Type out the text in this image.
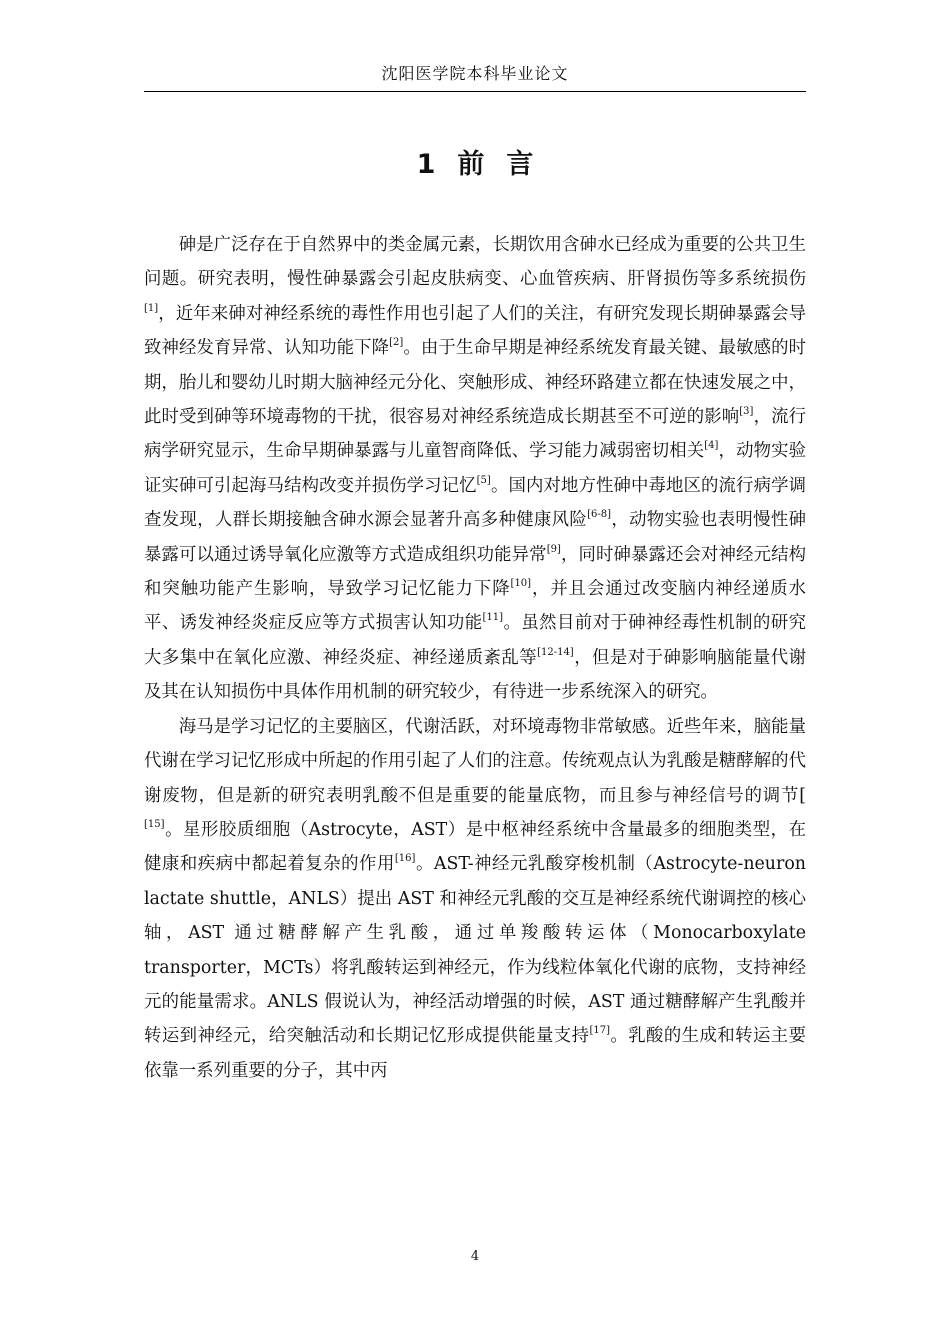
沈阳医学院本科毕业论文
1 前 言

砷是广泛存在于自然界中的类金属元素，长期饮用含砷水已经成为重要的公共卫生问题。研究表明，慢性砷暴露会引起皮肤病变、心血管疾病、肝肾损伤等多系统损伤[1]，近年来砷对神经系统的毒性作用也引起了人们的关注，有研究发现长期砷暴露会导致神经发育异常、认知功能下降[2]。由于生命早期是神经系统发育最关键、最敏感的时期，胎儿和婴幼儿时期大脑神经元分化、突触形成、神经环路建立都在快速发展之中，此时受到砷等环境毒物的干扰，很容易对神经系统造成长期甚至不可逆的影响[3]，流行病学研究显示，生命早期砷暴露与儿童智商降低、学习能力减弱密切相关[4]，动物实验证实砷可引起海马结构改变并损伤学习记忆[5]。国内对地方性砷中毒地区的流行病学调查发现，人群长期接触含砷水源会显著升高多种健康风险[6-8]，动物实验也表明慢性砷暴露可以通过诱导氧化应激等方式造成组织功能异常[9]，同时砷暴露还会对神经元结构和突触功能产生影响，导致学习记忆能力下降[10]，并且会通过改变脑内神经递质水平、诱发神经炎症反应等方式损害认知功能[11]。虽然目前对于砷神经毒性机制的研究大多集中在氧化应激、神经炎症、神经递质紊乱等[12-14]，但是对于砷影响脑能量代谢及其在认知损伤中具体作用机制的研究较少，有待进一步系统深入的研究。

海马是学习记忆的主要脑区，代谢活跃，对环境毒物非常敏感。近些年来，脑能量代谢在学习记忆形成中所起的作用引起了人们的注意。传统观点认为乳酸是糖酵解的代谢废物，但是新的研究表明乳酸不但是重要的能量底物，而且参与神经信号的调节[ [15]。星形胶质细胞（Astrocyte，AST）是中枢神经系统中含量最多的细胞类型，在健康和疾病中都起着复杂的作用[16]。AST-神经元乳酸穿梭机制（Astrocyte-neuron lactate shuttle，ANLS）提出 AST 和神经元乳酸的交互是神经系统代谢调控的核心轴，AST 通过糖酵解产生乳酸，通过单羧酸转运体（Monocarboxylate transporter，MCTs）将乳酸转运到神经元，作为线粒体氧化代谢的底物，支持神经元的能量需求。ANLS 假说认为，神经活动增强的时候，AST 通过糖酵解产生乳酸并转运到神经元，给突触活动和长期记忆形成提供能量支持[17]。乳酸的生成和转运主要依靠一系列重要的分子，其中丙

4
